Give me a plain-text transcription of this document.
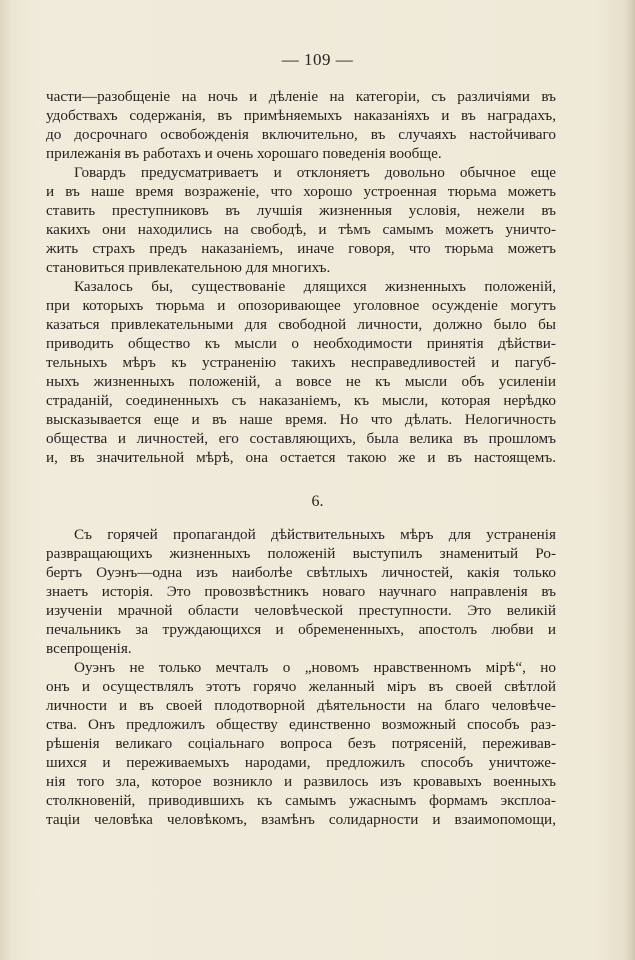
— 109 —
части—разобщеніе на ночь и дѣленіе на категоріи, съ различіями въ
удобствахъ содержанія, въ примѣняемыхъ наказаніяхъ и въ наградахъ,
до досрочнаго освобожденія включительно, въ случаяхъ настойчиваго
прилежанія въ работахъ и очень хорошаго поведенія вообще.
Говардъ предусматриваетъ и отклоняетъ довольно обычное еще
и въ наше время возраженіе, что хорошо устроенная тюрьма можетъ
ставить преступниковъ въ лучшія жизненныя условія, нежели въ
какихъ они находились на свободѣ, и тѣмъ самымъ можетъ уничто-
жить страхъ предъ наказаніемъ, иначе говоря, что тюрьма можетъ
становиться привлекательною для многихъ.
Казалось бы, существованіе длящихся жизненныхъ положеній,
при которыхъ тюрьма и опозоривающее уголовное осужденіе могутъ
казаться привлекательными для свободной личности, должно было бы
приводить общество къ мысли о необходимости принятія дѣйстви-
тельныхъ мѣръ къ устраненію такихъ несправедливостей и пагуб-
ныхъ жизненныхъ положеній, а вовсе не къ мысли объ усиленіи
страданій, соединенныхъ съ наказаніемъ, къ мысли, которая нерѣдко
высказывается еще и въ наше время. Но что дѣлать. Нелогичность
общества и личностей, его составляющихъ, была велика въ прошломъ
и, въ значительной мѣрѣ, она остается такою же и въ настоящемъ.
6.
Съ горячей пропагандой дѣйствительныхъ мѣръ для устраненія
развращающихъ жизненныхъ положеній выступилъ знаменитый Ро-
бертъ Оуэнъ—одна изъ наиболѣе свѣтлыхъ личностей, какія только
знаетъ исторія. Это провозвѣстникъ новаго научнаго направленія въ
изученіи мрачной области человѣческой преступности. Это великій
печальникъ за труждающихся и обремененныхъ, апостолъ любви и
всепрощенія.
Оуэнъ не только мечталъ о „новомъ нравственномъ мірѣ“, но
онъ и осуществлялъ этотъ горячо желанный міръ въ своей свѣтлой
личности и въ своей плодотворной дѣятельности на благо человѣче-
ства. Онъ предложилъ обществу единственно возможный способъ раз-
рѣшенія великаго соціальнаго вопроса безъ потрясеній, переживав-
шихся и переживаемыхъ народами, предложилъ способъ уничтоже-
нія того зла, которое возникло и развилось изъ кровавыхъ военныхъ
столкновеній, приводившихъ къ самымъ ужаснымъ формамъ эксплоа-
таціи человѣка человѣкомъ, взамѣнъ солидарности и взаимопомощи,
